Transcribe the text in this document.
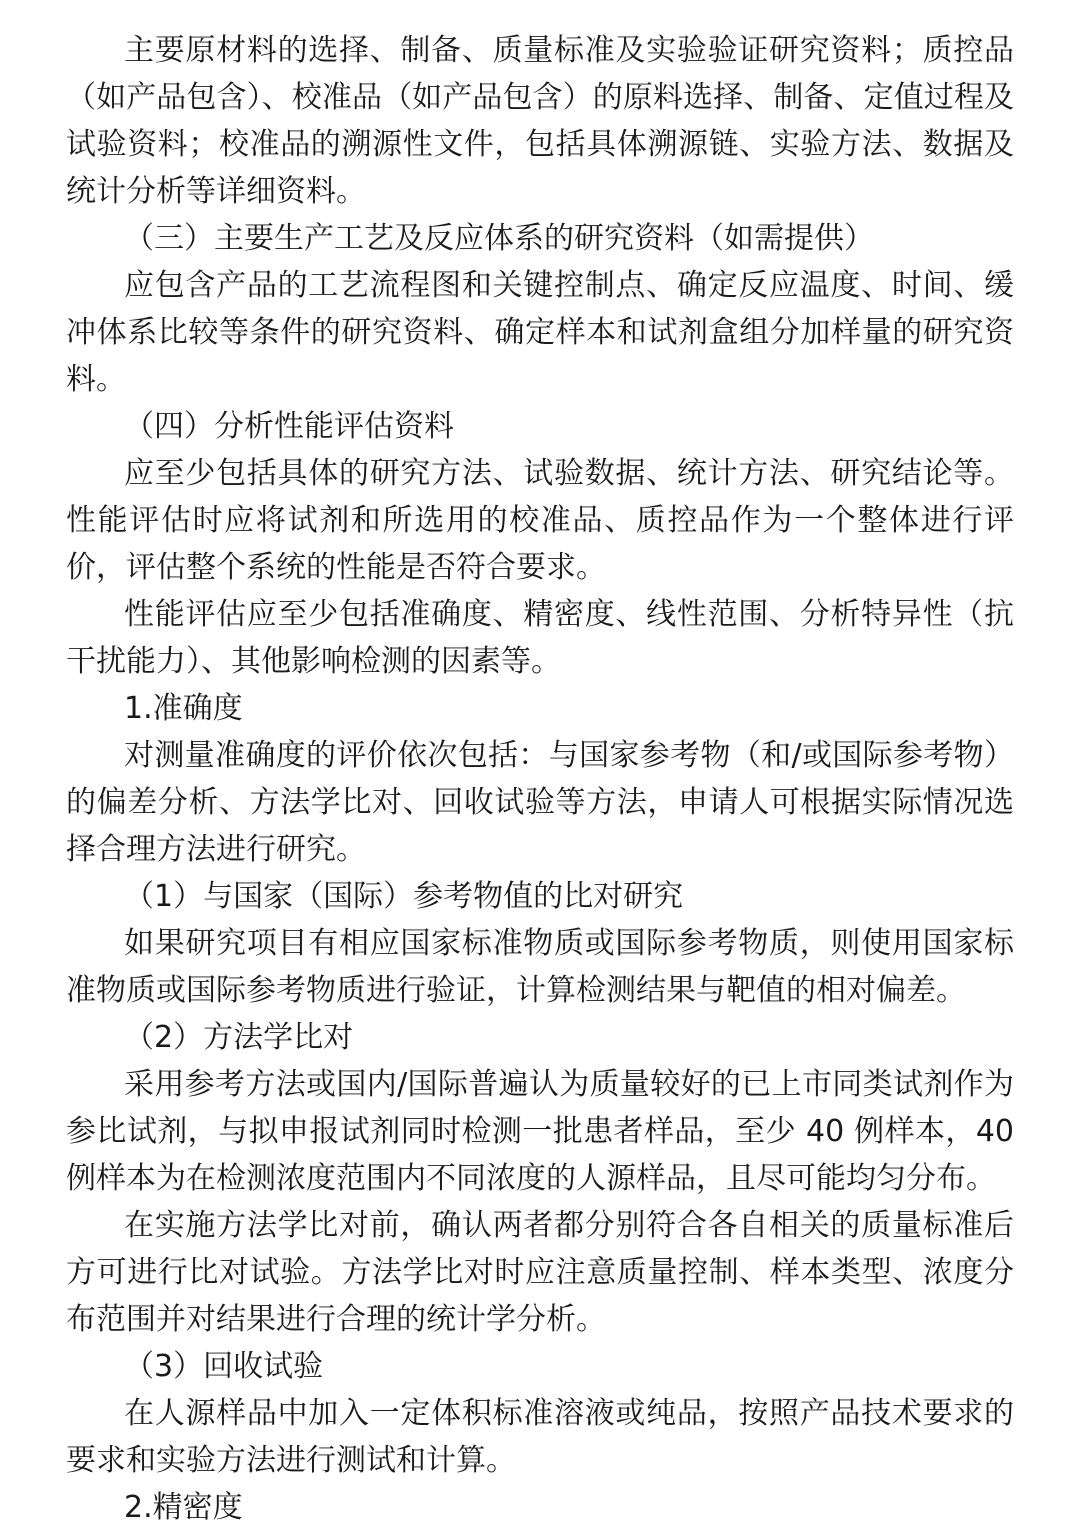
主要原材料的选择、制备、质量标准及实验验证研究资料；质控品（如产品包含）、校准品（如产品包含）的原料选择、制备、定值过程及试验资料；校准品的溯源性文件，包括具体溯源链、实验方法、数据及统计分析等详细资料。

（三）主要生产工艺及反应体系的研究资料（如需提供）

应包含产品的工艺流程图和关键控制点、确定反应温度、时间、缓冲体系比较等条件的研究资料、确定样本和试剂盒组分加样量的研究资料。

（四）分析性能评估资料

应至少包括具体的研究方法、试验数据、统计方法、研究结论等。性能评估时应将试剂和所选用的校准品、质控品作为一个整体进行评价，评估整个系统的性能是否符合要求。

性能评估应至少包括准确度、精密度、线性范围、分析特异性（抗干扰能力）、其他影响检测的因素等。

1.准确度

对测量准确度的评价依次包括：与国家参考物（和/或国际参考物）的偏差分析、方法学比对、回收试验等方法，申请人可根据实际情况选择合理方法进行研究。

（1）与国家（国际）参考物值的比对研究

如果研究项目有相应国家标准物质或国际参考物质，则使用国家标准物质或国际参考物质进行验证，计算检测结果与靶值的相对偏差。

（2）方法学比对

采用参考方法或国内/国际普遍认为质量较好的已上市同类试剂作为参比试剂，与拟申报试剂同时检测一批患者样品，至少 40 例样本，40 例样本为在检测浓度范围内不同浓度的人源样品，且尽可能均匀分布。

在实施方法学比对前，确认两者都分别符合各自相关的质量标准后方可进行比对试验。方法学比对时应注意质量控制、样本类型、浓度分布范围并对结果进行合理的统计学分析。

（3）回收试验

在人源样品中加入一定体积标准溶液或纯品，按照产品技术要求的要求和实验方法进行测试和计算。

2.精密度
